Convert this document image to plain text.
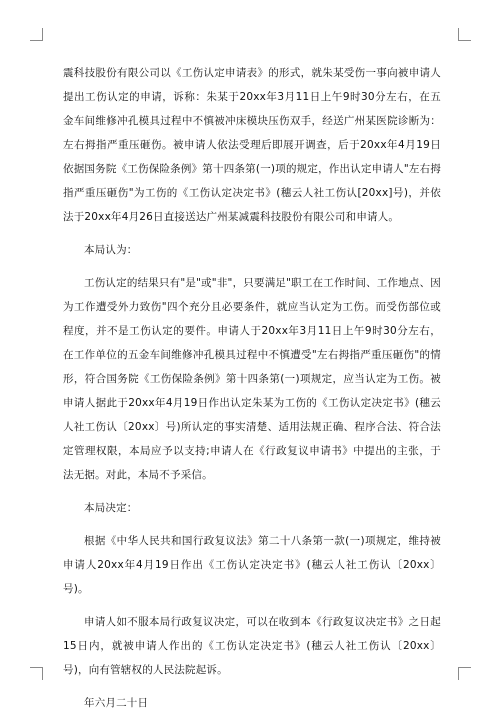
震科技股份有限公司以《工伤认定申请表》的形式，就朱某受伤一事向被申请人提出工伤认定的申请，诉称：朱某于20xx年3月11日上午9时30分左右，在五金车间维修冲孔模具过程中不慎被冲床模块压伤双手，经送广州某医院诊断为：左右拇指严重压砸伤。被申请人依法受理后即展开调查，后于20xx年4月19日依据国务院《工伤保险条例》第十四条第(一)项的规定，作出认定申请人"左右拇指严重压砸伤"为工伤的《工伤认定决定书》(穗云人社工伤认[20xx]号)，并依法于20xx年4月26日直接送达广州某减震科技股份有限公司和申请人。

本局认为：

工伤认定的结果只有"是"或"非"，只要满足"职工在工作时间、工作地点、因为工作遭受外力致伤"四个充分且必要条件，就应当认定为工伤。而受伤部位或程度，并不是工伤认定的要件。申请人于20xx年3月11日上午9时30分左右，在工作单位的五金车间维修冲孔模具过程中不慎遭受"左右拇指严重压砸伤"的情形，符合国务院《工伤保险条例》第十四条第(一)项规定，应当认定为工伤。被申请人据此于20xx年4月19日作出认定朱某为工伤的《工伤认定决定书》(穗云人社工伤认〔20xx〕号)所认定的事实清楚、适用法规正确、程序合法、符合法定管理权限，本局应予以支持;申请人在《行政复议申请书》中提出的主张，于法无据。对此，本局不予采信。

本局决定：

根据《中华人民共和国行政复议法》第二十八条第一款(一)项规定，维持被申请人20xx年4月19日作出《工伤认定决定书》(穗云人社工伤认〔20xx〕号)。

申请人如不服本局行政复议决定，可以在收到本《行政复议决定书》之日起15日内，就被申请人作出的《工伤认定决定书》(穗云人社工伤认〔20xx〕号)，向有管辖权的人民法院起诉。

年六月二十日
